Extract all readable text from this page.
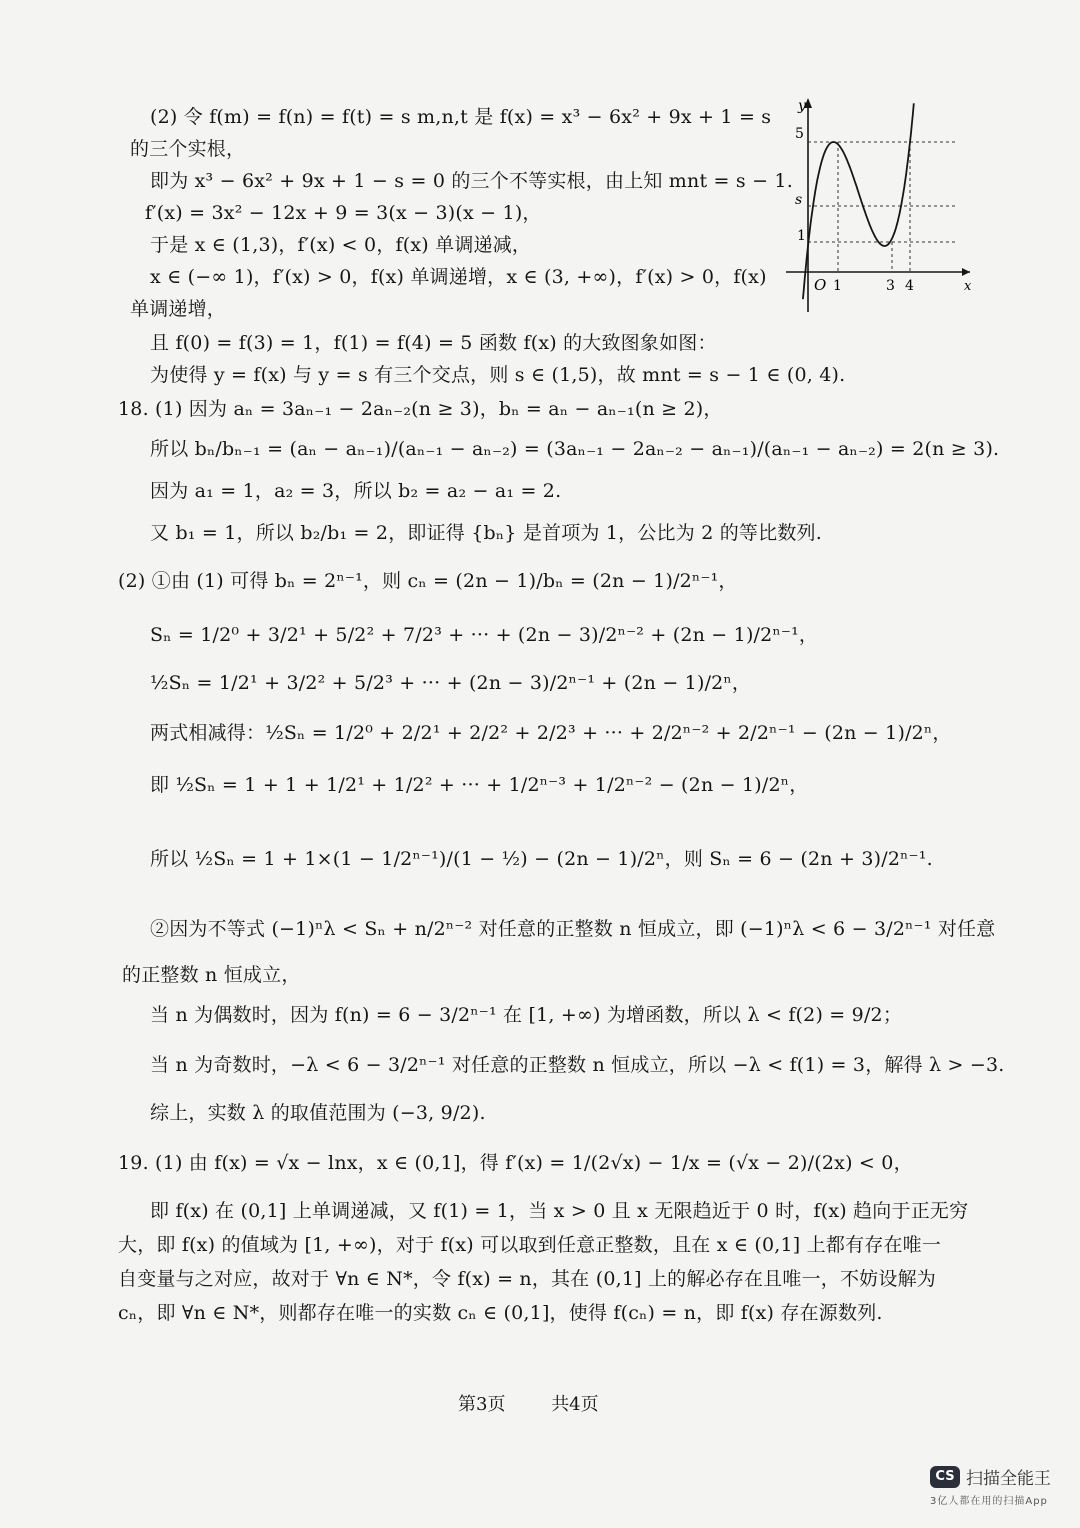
(2) 令 f(m) = f(n) = f(t) = s m,n,t 是 f(x) = x³ − 6x² + 9x + 1 = s
的三个实根，
即为 x³ − 6x² + 9x + 1 − s = 0 的三个不等实根，由上知 mnt = s − 1.
f′(x) = 3x² − 12x + 9 = 3(x − 3)(x − 1)，
于是 x ∈ (1,3)，f′(x) < 0，f(x) 单调递减，
x ∈ (−∞ 1)，f′(x) > 0，f(x) 单调递增，x ∈ (3, +∞)，f′(x) > 0，f(x)
单调递增，
且 f(0) = f(3) = 1，f(1) = f(4) = 5 函数 f(x) 的大致图象如图：
为使得 y = f(x) 与 y = s 有三个交点，则 s ∈ (1,5)，故 mnt = s − 1 ∈ (0, 4).
y
x
O 1	3 4
5
s
1
18. (1) 因为 aₙ = 3aₙ₋₁ − 2aₙ₋₂(n ≥ 3)，bₙ = aₙ − aₙ₋₁(n ≥ 2)，
所以 bₙ/bₙ₋₁ = (aₙ − aₙ₋₁)/(aₙ₋₁ − aₙ₋₂) = (3aₙ₋₁ − 2aₙ₋₂ − aₙ₋₁)/(aₙ₋₁ − aₙ₋₂) = 2(n ≥ 3).
因为 a₁ = 1，a₂ = 3，所以 b₂ = a₂ − a₁ = 2.
又 b₁ = 1，所以 b₂/b₁ = 2，即证得 {bₙ} 是首项为 1，公比为 2 的等比数列.
(2) ①由 (1) 可得 bₙ = 2ⁿ⁻¹，则 cₙ = (2n − 1)/bₙ = (2n − 1)/2ⁿ⁻¹，
Sₙ = 1/2⁰ + 3/2¹ + 5/2² + 7/2³ + ··· + (2n − 3)/2ⁿ⁻² + (2n − 1)/2ⁿ⁻¹，
½Sₙ = 1/2¹ + 3/2² + 5/2³ + ··· + (2n − 3)/2ⁿ⁻¹ + (2n − 1)/2ⁿ，
两式相减得：½Sₙ = 1/2⁰ + 2/2¹ + 2/2² + 2/2³ + ··· + 2/2ⁿ⁻² + 2/2ⁿ⁻¹ − (2n − 1)/2ⁿ，
即 ½Sₙ = 1 + 1 + 1/2¹ + 1/2² + ··· + 1/2ⁿ⁻³ + 1/2ⁿ⁻² − (2n − 1)/2ⁿ，
所以 ½Sₙ = 1 + 1×(1 − 1/2ⁿ⁻¹)/(1 − ½) − (2n − 1)/2ⁿ，则 Sₙ = 6 − (2n + 3)/2ⁿ⁻¹.
②因为不等式 (−1)ⁿλ < Sₙ + n/2ⁿ⁻² 对任意的正整数 n 恒成立，即 (−1)ⁿλ < 6 − 3/2ⁿ⁻¹ 对任意
的正整数 n 恒成立，
当 n 为偶数时，因为 f(n) = 6 − 3/2ⁿ⁻¹ 在 [1, +∞) 为增函数，所以 λ < f(2) = 9/2；
当 n 为奇数时，−λ < 6 − 3/2ⁿ⁻¹ 对任意的正整数 n 恒成立，所以 −λ < f(1) = 3，解得 λ > −3.
综上，实数 λ 的取值范围为 (−3, 9/2).
19. (1) 由 f(x) = √x − lnx，x ∈ (0,1]，得 f′(x) = 1/(2√x) − 1/x = (√x − 2)/(2x) < 0，
即 f(x) 在 (0,1] 上单调递减，又 f(1) = 1，当 x > 0 且 x 无限趋近于 0 时，f(x) 趋向于正无穷
大，即 f(x) 的值域为 [1, +∞)，对于 f(x) 可以取到任意正整数，且在 x ∈ (0,1] 上都有存在唯一
自变量与之对应，故对于 ∀n ∈ N*，令 f(x) = n，其在 (0,1] 上的解必存在且唯一，不妨设解为
cₙ，即 ∀n ∈ N*，则都存在唯一的实数 cₙ ∈ (0,1]，使得 f(cₙ) = n，即 f(x) 存在源数列.
第3页	共4页
CS 扫描全能王
3亿人都在用的扫描App
